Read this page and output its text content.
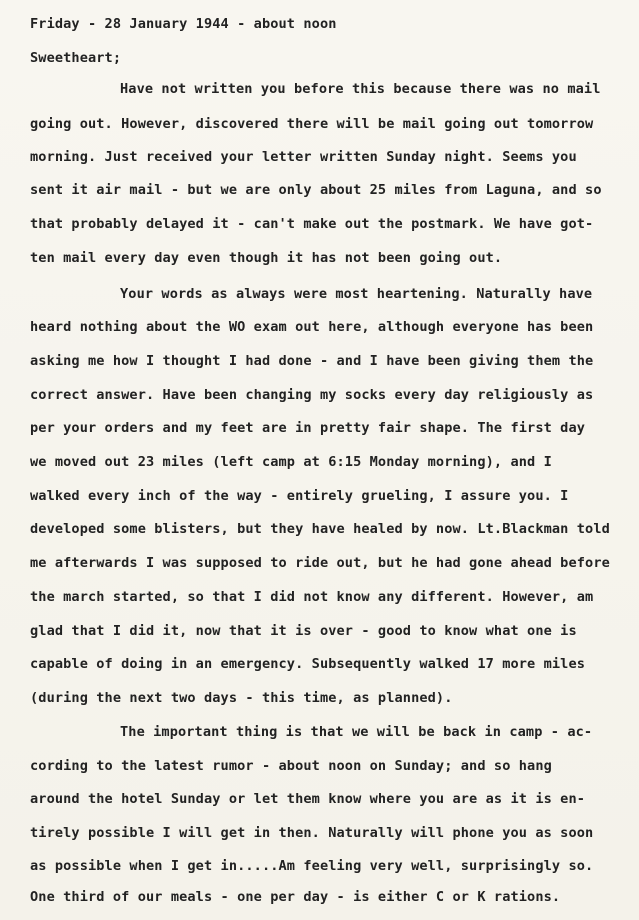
Friday - 28 January 1944 - about noon
Sweetheart;
Have not written you before this because there was no mail
going out. However, discovered there will be mail going out tomorrow
morning. Just received your letter written Sunday night. Seems you
sent it air mail - but we are only about 25 miles from Laguna, and so
that probably delayed it - can't make out the postmark. We have got-
ten mail every day even though it has not been going out.
Your words as always were most heartening. Naturally have
heard nothing about the WO exam out here, although everyone has been
asking me how I thought I had done - and I have been giving them the
correct answer. Have been changing my socks every day religiously as
per your orders and my feet are in pretty fair shape. The first day
we moved out 23 miles (left camp at 6:15 Monday morning), and I
walked every inch of the way - entirely grueling, I assure you. I
developed some blisters, but they have healed by now. Lt.Blackman told
me afterwards I was supposed to ride out, but he had gone ahead before
the march started, so that I did not know any different. However, am
glad that I did it, now that it is over - good to know what one is
capable of doing in an emergency. Subsequently walked 17 more miles
(during the next two days - this time, as planned).
The important thing is that we will be back in camp - ac-
cording to the latest rumor - about noon on Sunday; and so hang
around the hotel Sunday or let them know where you are as it is en-
tirely possible I will get in then. Naturally will phone you as soon
as possible when I get in.....Am feeling very well, surprisingly so.
One third of our meals - one per day - is either C or K rations.
